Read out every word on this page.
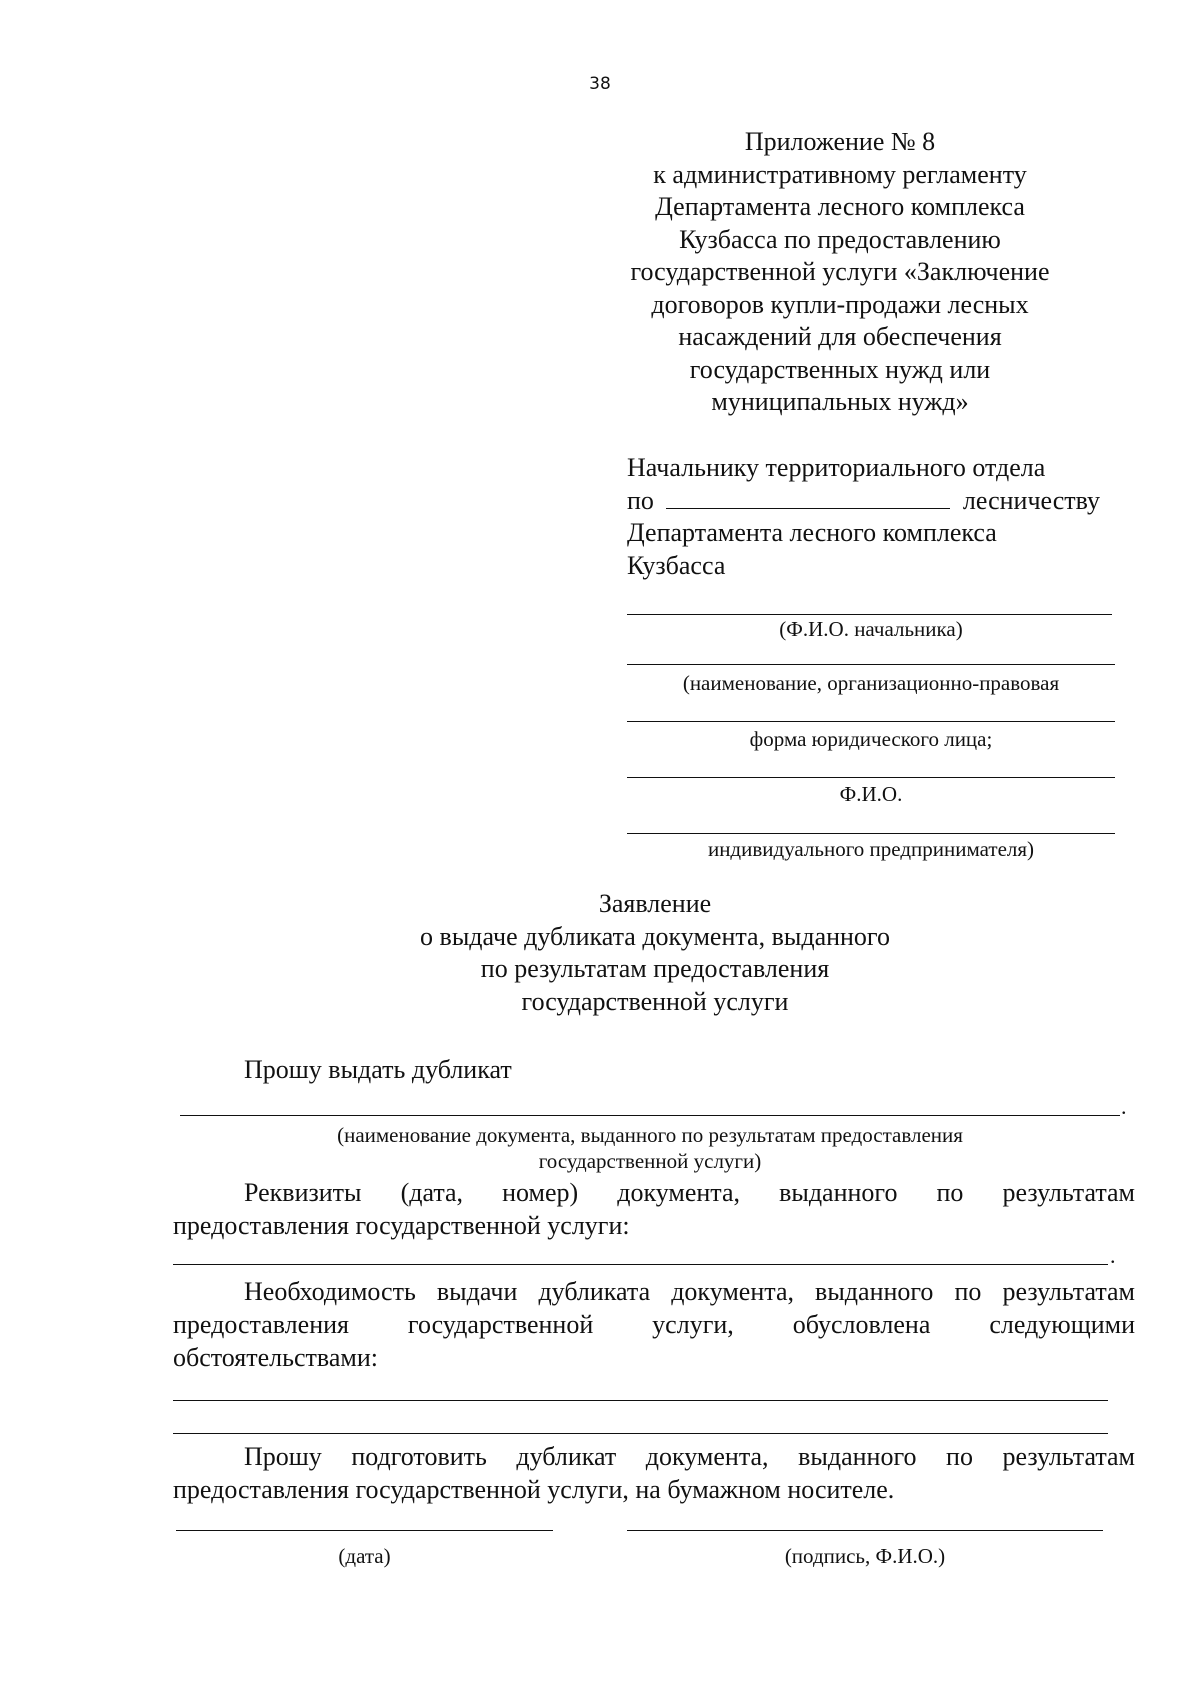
38
Приложение № 8
к административному регламенту
Департамента лесного комплекса
Кузбасса по предоставлению
государственной услуги «Заключение
договоров купли-продажи лесных
насаждений для обеспечения
государственных нужд или
муниципальных нужд»
Начальнику территориального отдела
по	лесничеству
Департамента лесного комплекса
Кузбасса
(Ф.И.О. начальника)
(наименование, организационно-правовая
форма юридического лица;
Ф.И.О.
индивидуального предпринимателя)
Заявление
о выдаче дубликата документа, выданного
по результатам предоставления
государственной услуги
Прошу выдать дубликат
.
(наименование документа, выданного по результатам предоставления
государственной услуги)
Реквизиты (дата, номер) документа, выданного по результатам
предоставления государственной услуги:
.
Необходимость выдачи дубликата документа, выданного по результатам
предоставления государственной услуги, обусловлена следующими
обстоятельствами:
Прошу подготовить дубликат документа, выданного по результатам
предоставления государственной услуги, на бумажном носителе.
(дата)	(подпись, Ф.И.О.)
